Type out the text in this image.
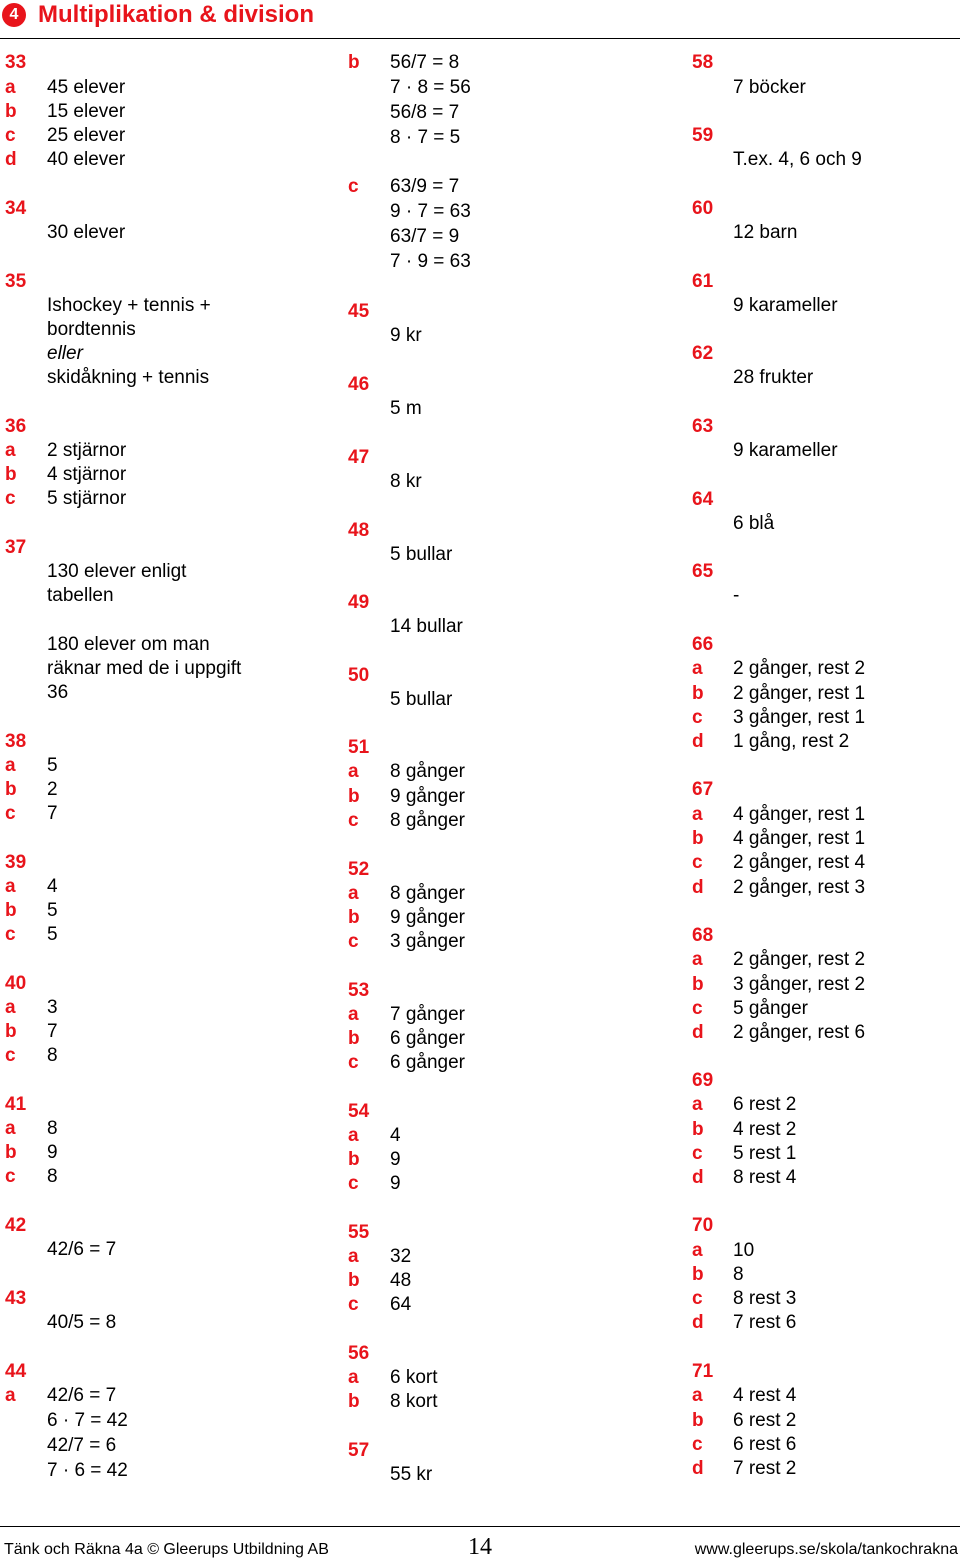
4 Multiplikation & division
33
a 45 elever
b 15 elever
c 25 elever
d 40 elever
34
30 elever
35
Ishockey + tennis +
bordtennis
eller
skidåkning + tennis
36
a 2 stjärnor
b 4 stjärnor
c 5 stjärnor
37
130 elever enligt
tabellen
180 elever om man
räknar med de i uppgift
36
38
a 5
b 2
c 7
39
a 4
b 5
c 5
40
a 3
b 7
c 8
41
a 8
b 9
c 8
42
42/6 = 7
43
40/5 = 8
44
a 42/6 = 7
6 · 7 = 42
42/7 = 6
7 · 6 = 42
b 56/7 = 8
7 · 8 = 56
56/8 = 7
8 · 7 = 5
c 63/9 = 7
9 · 7 = 63
63/7 = 9
7 · 9 = 63
45
9 kr
46
5 m
47
8 kr
48
5 bullar
49
14 bullar
50
5 bullar
51
a 8 gånger
b 9 gånger
c 8 gånger
52
a 8 gånger
b 9 gånger
c 3 gånger
53
a 7 gånger
b 6 gånger
c 6 gånger
54
a 4
b 9
c 9
55
a 32
b 48
c 64
56
a 6 kort
b 8 kort
57
55 kr
58
7 böcker
59
T.ex. 4, 6 och 9
60
12 barn
61
9 karameller
62
28 frukter
63
9 karameller
64
6 blå
65
-
66
a 2 gånger, rest 2
b 2 gånger, rest 1
c 3 gånger, rest 1
d 1 gång, rest 2
67
a 4 gånger, rest 1
b 4 gånger, rest 1
c 2 gånger, rest 4
d 2 gånger, rest 3
68
a 2 gånger, rest 2
b 3 gånger, rest 2
c 5 gånger
d 2 gånger, rest 6
69
a 6 rest 2
b 4 rest 2
c 5 rest 1
d 8 rest 4
70
a 10
b 8
c 8 rest 3
d 7 rest 6
71
a 4 rest 4
b 6 rest 2
c 6 rest 6
d 7 rest 2
Tänk och Räkna 4a © Gleerups Utbildning AB	14	www.gleerups.se/skola/tankochrakna
